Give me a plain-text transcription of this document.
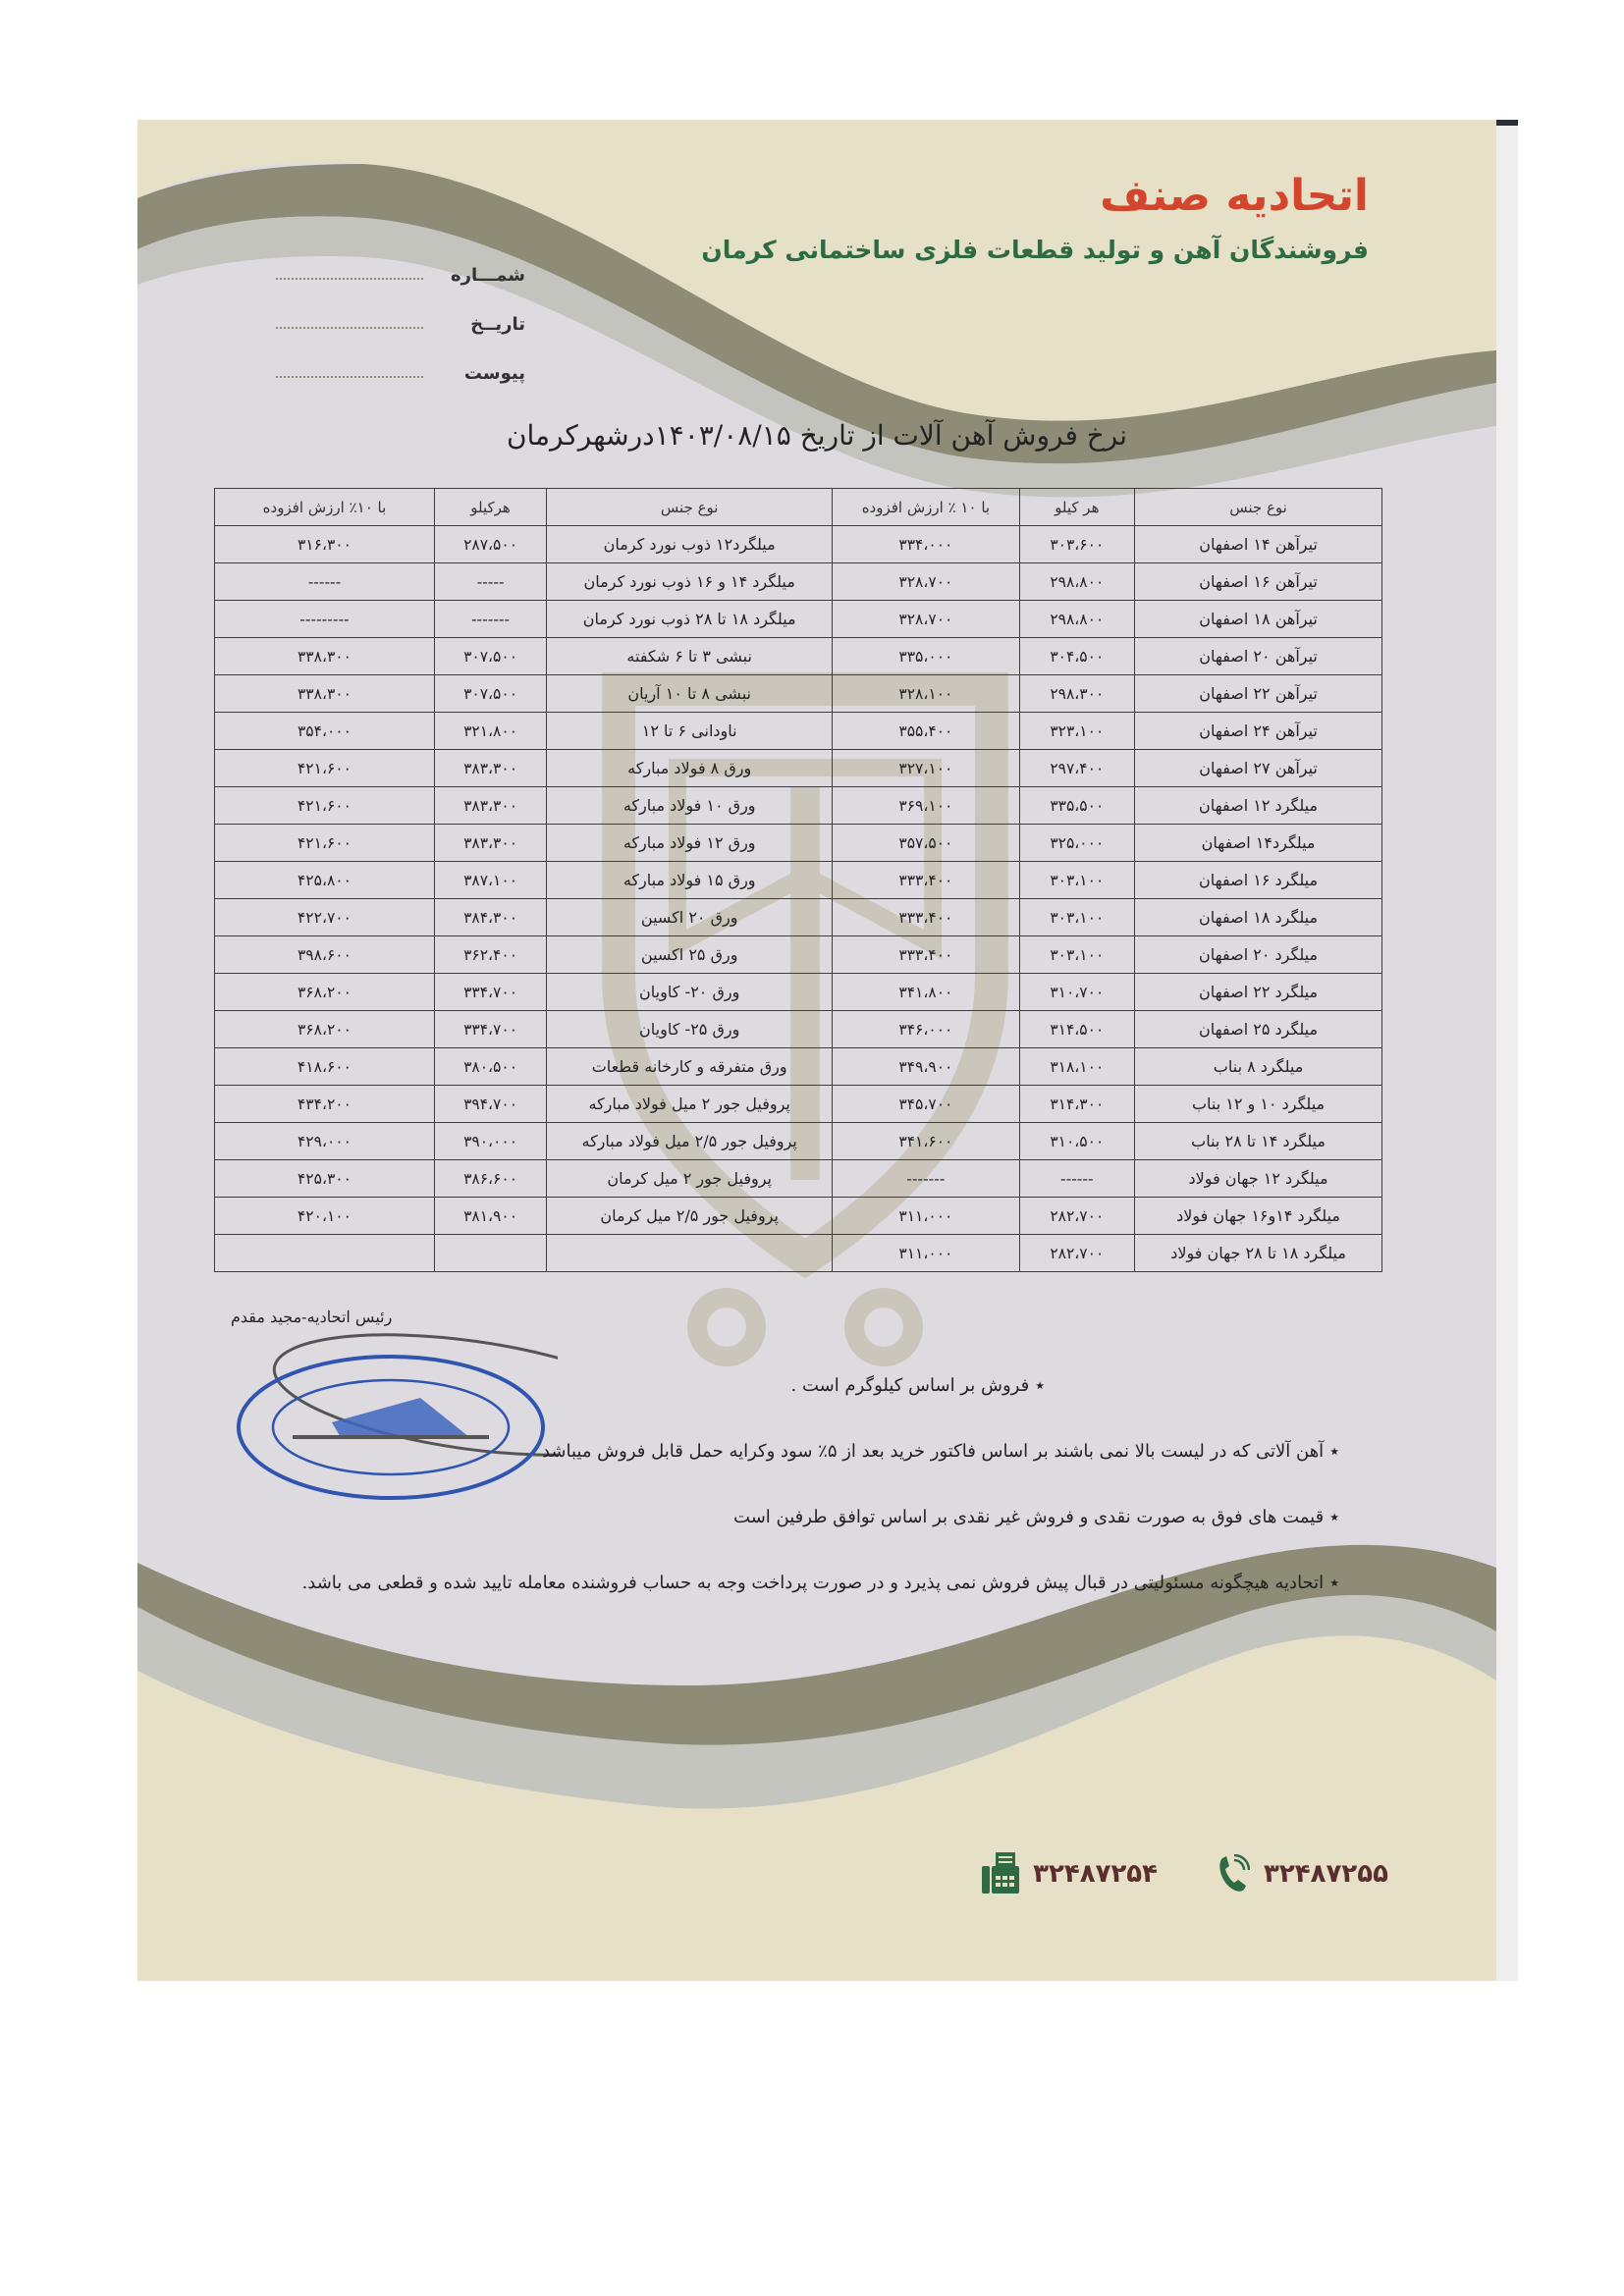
اتحادیه صنف
فروشندگان آهن و تولید قطعات فلزی ساختمانی کرمان
شمـــاره
تاریــخ
پیوست
نرخ فروش آهن آلات از تاریخ ۱۴۰۳/۰۸/۱۵درشهرکرمان
نوع جنس	هر کیلو	با ۱۰ ٪ ارزش افزوده	نوع جنس	هرکیلو	با ۱۰٪ ارزش افزوده
تیرآهن ۱۴ اصفهان	۳۰۳،۶۰۰	۳۳۴،۰۰۰	میلگرد۱۲ ذوب نورد کرمان	۲۸۷،۵۰۰	۳۱۶،۳۰۰
تیرآهن ۱۶ اصفهان	۲۹۸،۸۰۰	۳۲۸،۷۰۰	میلگرد ۱۴ و ۱۶ ذوب نورد کرمان	-----	------
تیرآهن ۱۸ اصفهان	۲۹۸،۸۰۰	۳۲۸،۷۰۰	میلگرد ۱۸ تا ۲۸ ذوب نورد کرمان	-------	---------
تیرآهن ۲۰ اصفهان	۳۰۴،۵۰۰	۳۳۵،۰۰۰	نبشی ۳ تا ۶ شکفته	۳۰۷،۵۰۰	۳۳۸،۳۰۰
تیرآهن ۲۲ اصفهان	۲۹۸،۳۰۰	۳۲۸،۱۰۰	نبشی ۸ تا ۱۰ آریان	۳۰۷،۵۰۰	۳۳۸،۳۰۰
تیرآهن ۲۴ اصفهان	۳۲۳،۱۰۰	۳۵۵،۴۰۰	ناودانی ۶ تا ۱۲	۳۲۱،۸۰۰	۳۵۴،۰۰۰
تیرآهن ۲۷ اصفهان	۲۹۷،۴۰۰	۳۲۷،۱۰۰	ورق ۸ فولاد مبارکه	۳۸۳،۳۰۰	۴۲۱،۶۰۰
میلگرد ۱۲ اصفهان	۳۳۵،۵۰۰	۳۶۹،۱۰۰	ورق ۱۰ فولاد مبارکه	۳۸۳،۳۰۰	۴۲۱،۶۰۰
میلگرد۱۴ اصفهان	۳۲۵،۰۰۰	۳۵۷،۵۰۰	ورق ۱۲ فولاد مبارکه	۳۸۳،۳۰۰	۴۲۱،۶۰۰
میلگرد ۱۶ اصفهان	۳۰۳،۱۰۰	۳۳۳،۴۰۰	ورق ۱۵ فولاد مبارکه	۳۸۷،۱۰۰	۴۲۵،۸۰۰
میلگرد ۱۸ اصفهان	۳۰۳،۱۰۰	۳۳۳،۴۰۰	ورق ۲۰ اکسین	۳۸۴،۳۰۰	۴۲۲،۷۰۰
میلگرد ۲۰ اصفهان	۳۰۳،۱۰۰	۳۳۳،۴۰۰	ورق ۲۵ اکسین	۳۶۲،۴۰۰	۳۹۸،۶۰۰
میلگرد ۲۲ اصفهان	۳۱۰،۷۰۰	۳۴۱،۸۰۰	ورق ۲۰- کاویان	۳۳۴،۷۰۰	۳۶۸،۲۰۰
میلگرد ۲۵ اصفهان	۳۱۴،۵۰۰	۳۴۶،۰۰۰	ورق ۲۵- کاویان	۳۳۴،۷۰۰	۳۶۸،۲۰۰
میلگرد ۸ بناب	۳۱۸،۱۰۰	۳۴۹،۹۰۰	ورق متفرقه و کارخانه قطعات	۳۸۰،۵۰۰	۴۱۸،۶۰۰
میلگرد ۱۰ و ۱۲ بناب	۳۱۴،۳۰۰	۳۴۵،۷۰۰	پروفیل جور ۲ میل فولاد مبارکه	۳۹۴،۷۰۰	۴۳۴،۲۰۰
میلگرد ۱۴ تا ۲۸ بناب	۳۱۰،۵۰۰	۳۴۱،۶۰۰	پروفیل جور ۲/۵ میل فولاد مبارکه	۳۹۰،۰۰۰	۴۲۹،۰۰۰
میلگرد ۱۲ جهان فولاد	------	-------	پروفیل جور ۲ میل کرمان	۳۸۶،۶۰۰	۴۲۵،۳۰۰
میلگرد ۱۴و۱۶ جهان فولاد	۲۸۲،۷۰۰	۳۱۱،۰۰۰	پروفیل جور ۲/۵ میل کرمان	۳۸۱،۹۰۰	۴۲۰،۱۰۰
میلگرد ۱۸ تا ۲۸ جهان فولاد	۲۸۲،۷۰۰	۳۱۱،۰۰۰			
رئیس اتحادیه-مجید مقدم

٭فروش بر اساس کیلوگرم است .

٭آهن آلاتی که در لیست بالا نمی باشند بر اساس فاکتور خرید بعد از ۵٪ سود وکرایه حمل قابل فروش میباشد

٭قیمت های فوق به صورت نقدی و فروش غیر نقدی بر اساس توافق طرفین است

٭اتحادیه هیچگونه مسئولیتی در قبال پیش فروش نمی پذیرد و در صورت پرداخت وجه به حساب فروشنده معامله تایید شده و قطعی می باشد.

۳۲۴۸۷۲۵۴	۳۲۴۸۷۲۵۵
